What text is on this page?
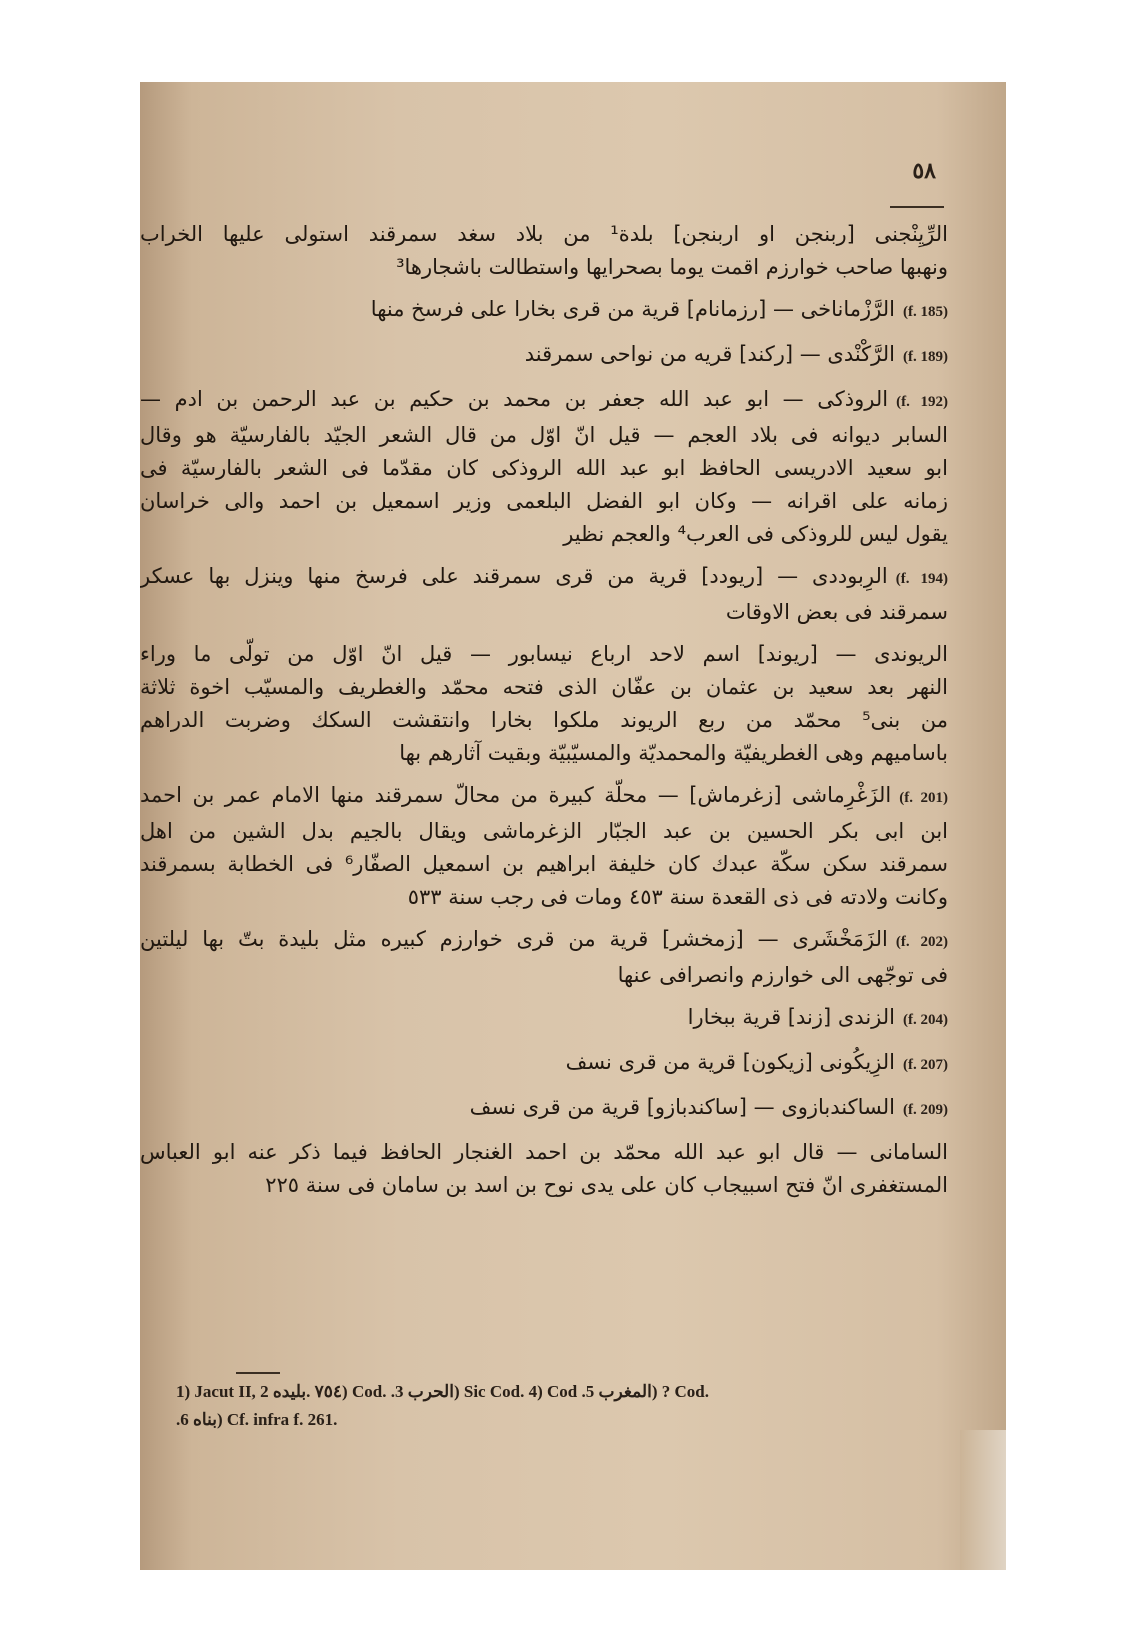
٥٨
الرِّيِنْجنى [ربنجن او اربنجن] بلدة¹ من بلاد سغد سمرقند استولى عليها الخراب
ونهبها صاحب خوارزم اقمت يوما بصحرايها واستطالت باشجارها³
(f. 185)الرَّزْماناخى — [رزمانام] قرية من قرى بخارا على فرسخ منها
(f. 189)الرَّكْنْدى — [ركند] قريه من نواحى سمرقند
(f. 192)الروذكى — ابو عبد الله جعفر بن محمد بن حكيم بن عبد الرحمن بن ادم —
السابر ديوانه فى بلاد العجم — قيل انّ اوّل من قال الشعر الجيّد بالفارسيّة هو وقال
ابو سعيد الادريسى الحافظ ابو عبد الله الروذكى كان مقدّما فى الشعر بالفارسيّة فى
زمانه على اقرانه — وكان ابو الفضل البلعمى وزير اسمعيل بن احمد والى خراسان
يقول ليس للروذكى فى العرب⁴ والعجم نظير
(f. 194)الرِبوددى — [ريودد] قرية من قرى سمرقند على فرسخ منها وينزل بها عسكر
سمرقند فى بعض الاوقات
الريوندى — [ريوند] اسم لاحد ارباع نيسابور — قيل انّ اوّل من تولّى ما وراء
النهر بعد سعيد بن عثمان بن عفّان الذى فتحه محمّد والغطريف والمسيّب اخوة ثلاثة
من بنى⁵ محمّد من ربع الريوند ملكوا بخارا وانتقشت السكك وضربت الدراهم
باساميهم وهى الغطريفيّة والمحمديّة والمسيّبيّة وبقيت آثارهم بها
(f. 201)الزَغْرِماشى [زغرماش] — محلّة كبيرة من محالّ سمرقند منها الامام عمر بن احمد
ابن ابى بكر الحسين بن عبد الجبّار الزغرماشى ويقال بالجيم بدل الشين من اهل
سمرقند سكن سكّة عبدك كان خليفة ابراهيم بن اسمعيل الصفّار⁶ فى الخطابة بسمرقند
وكانت ولادته فى ذى القعدة سنة ٤٥٣ ومات فى رجب سنة ٥٣٣
(f. 202)الزَمَخْشَرى — [زمخشر] قرية من قرى خوارزم كبيره مثل بليدة بتّ بها ليلتين
فى توجّهى الى خوارزم وانصرافى عنها
(f. 204)الزندى [زند] قرية ببخارا
(f. 207)الزِيكُونى [زيكون] قرية من قرى نسف
(f. 209)الساكندبازوى — [ساكندبازو] قرية من قرى نسف
السامانى — قال ابو عبد الله محمّد بن احمد الغنجار الحافظ فيما ذكر عنه ابو العباس
المستغفرى انّ فتح اسبيجاب كان على يدى نوح بن اسد بن سامان فى سنة ٢٢٥
1) Jacut II, ٧٥٤ .بليده 2) Cod. .الحرب 3) Sic Cod. 4) Cod .المغرب 5) ? Cod.
.بناه 6) Cf. infra f. 261.
